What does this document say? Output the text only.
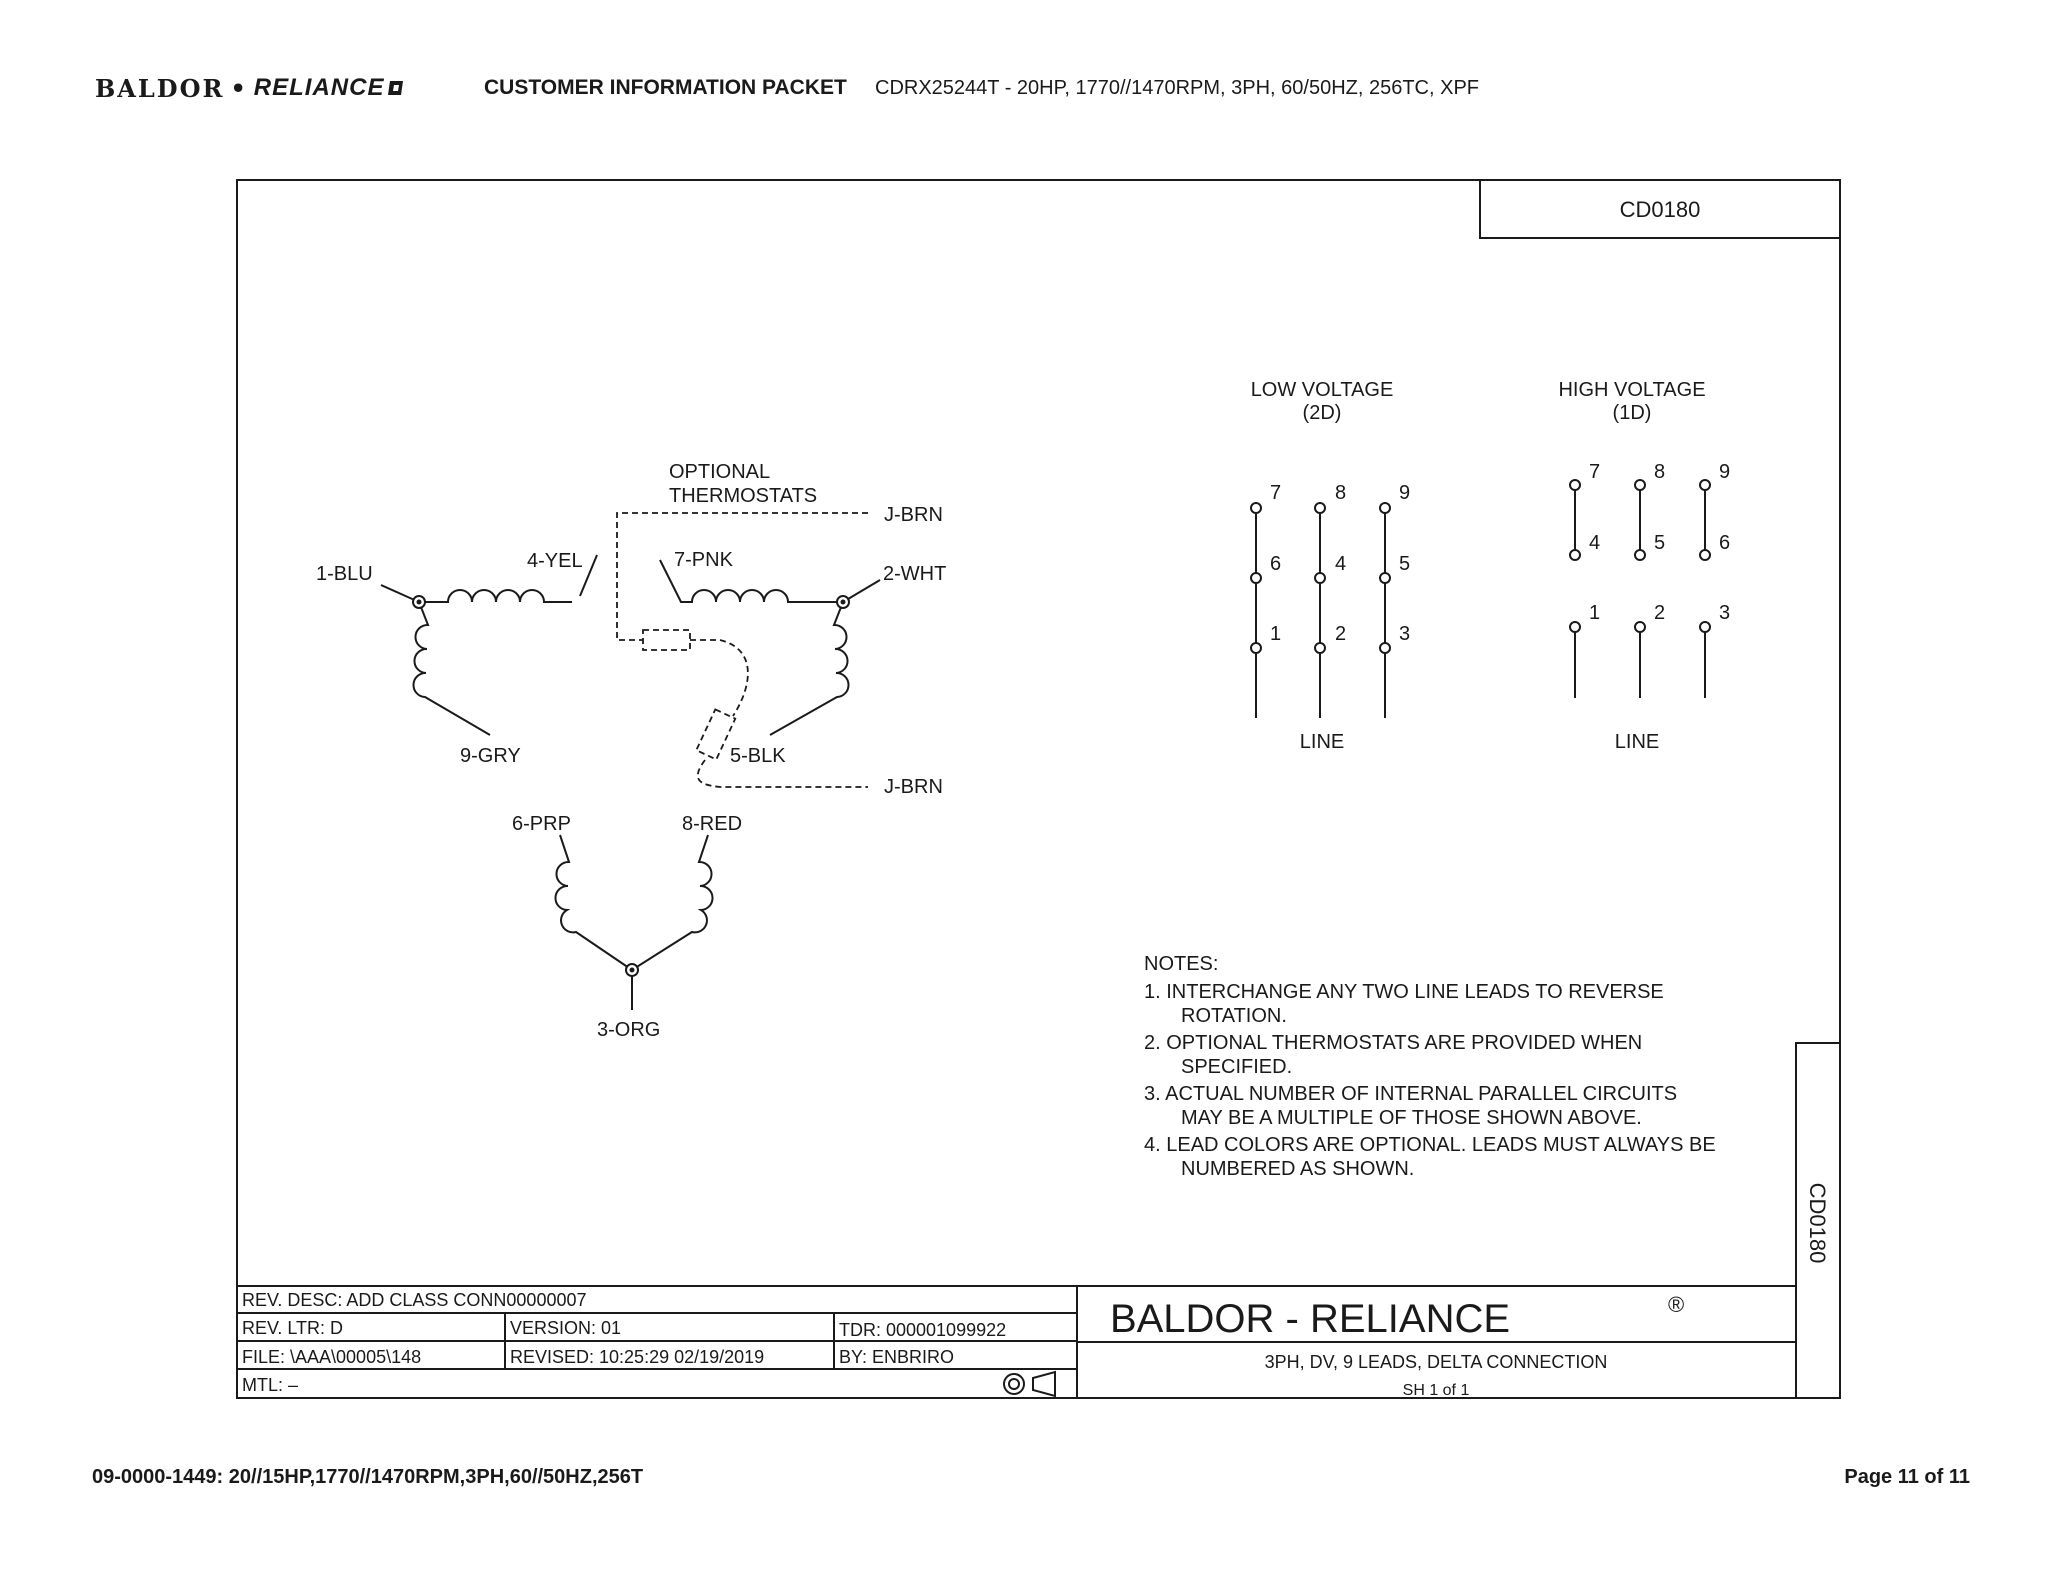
BALDOR • RELIANCE	CUSTOMER INFORMATION PACKET CDRX25244T - 20HP, 1770//1470RPM, 3PH, 60/50HZ, 256TC, XPF
1-BLU
4-YEL	7-PNK
2-WHT
9-GRY	5-BLK
6-PRP	8-RED
3-ORG
OPTIONAL
THERMOSTATS
J-BRN
J-BRN
LOW VOLTAGE
(2D)
7	8	9
6	4	5
1	2	3
LINE
HIGH VOLTAGE
(1D)
7	8	9
4	5	6
1	2	3
LINE
NOTES:
1. INTERCHANGE ANY TWO LINE LEADS TO REVERSE
ROTATION.
2. OPTIONAL THERMOSTATS ARE PROVIDED WHEN
SPECIFIED.
3. ACTUAL NUMBER OF INTERNAL PARALLEL CIRCUITS
MAY BE A MULTIPLE OF THOSE SHOWN ABOVE.
4. LEAD COLORS ARE OPTIONAL. LEADS MUST ALWAYS BE
NUMBERED AS SHOWN.
CD0180
CD0180
REV. DESC: ADD CLASS CONN00000007
REV. LTR: D	VERSION: 01	TDR: 000001099922
FILE: \AAA\00005\148	REVISED: 10:25:29 02/19/2019	BY: ENBRIRO
MTL: –
BALDOR - RELIANCE	®
3PH, DV, 9 LEADS, DELTA CONNECTION
SH 1 of 1
09-0000-1449: 20//15HP,1770//1470RPM,3PH,60//50HZ,256T	Page 11 of 11
